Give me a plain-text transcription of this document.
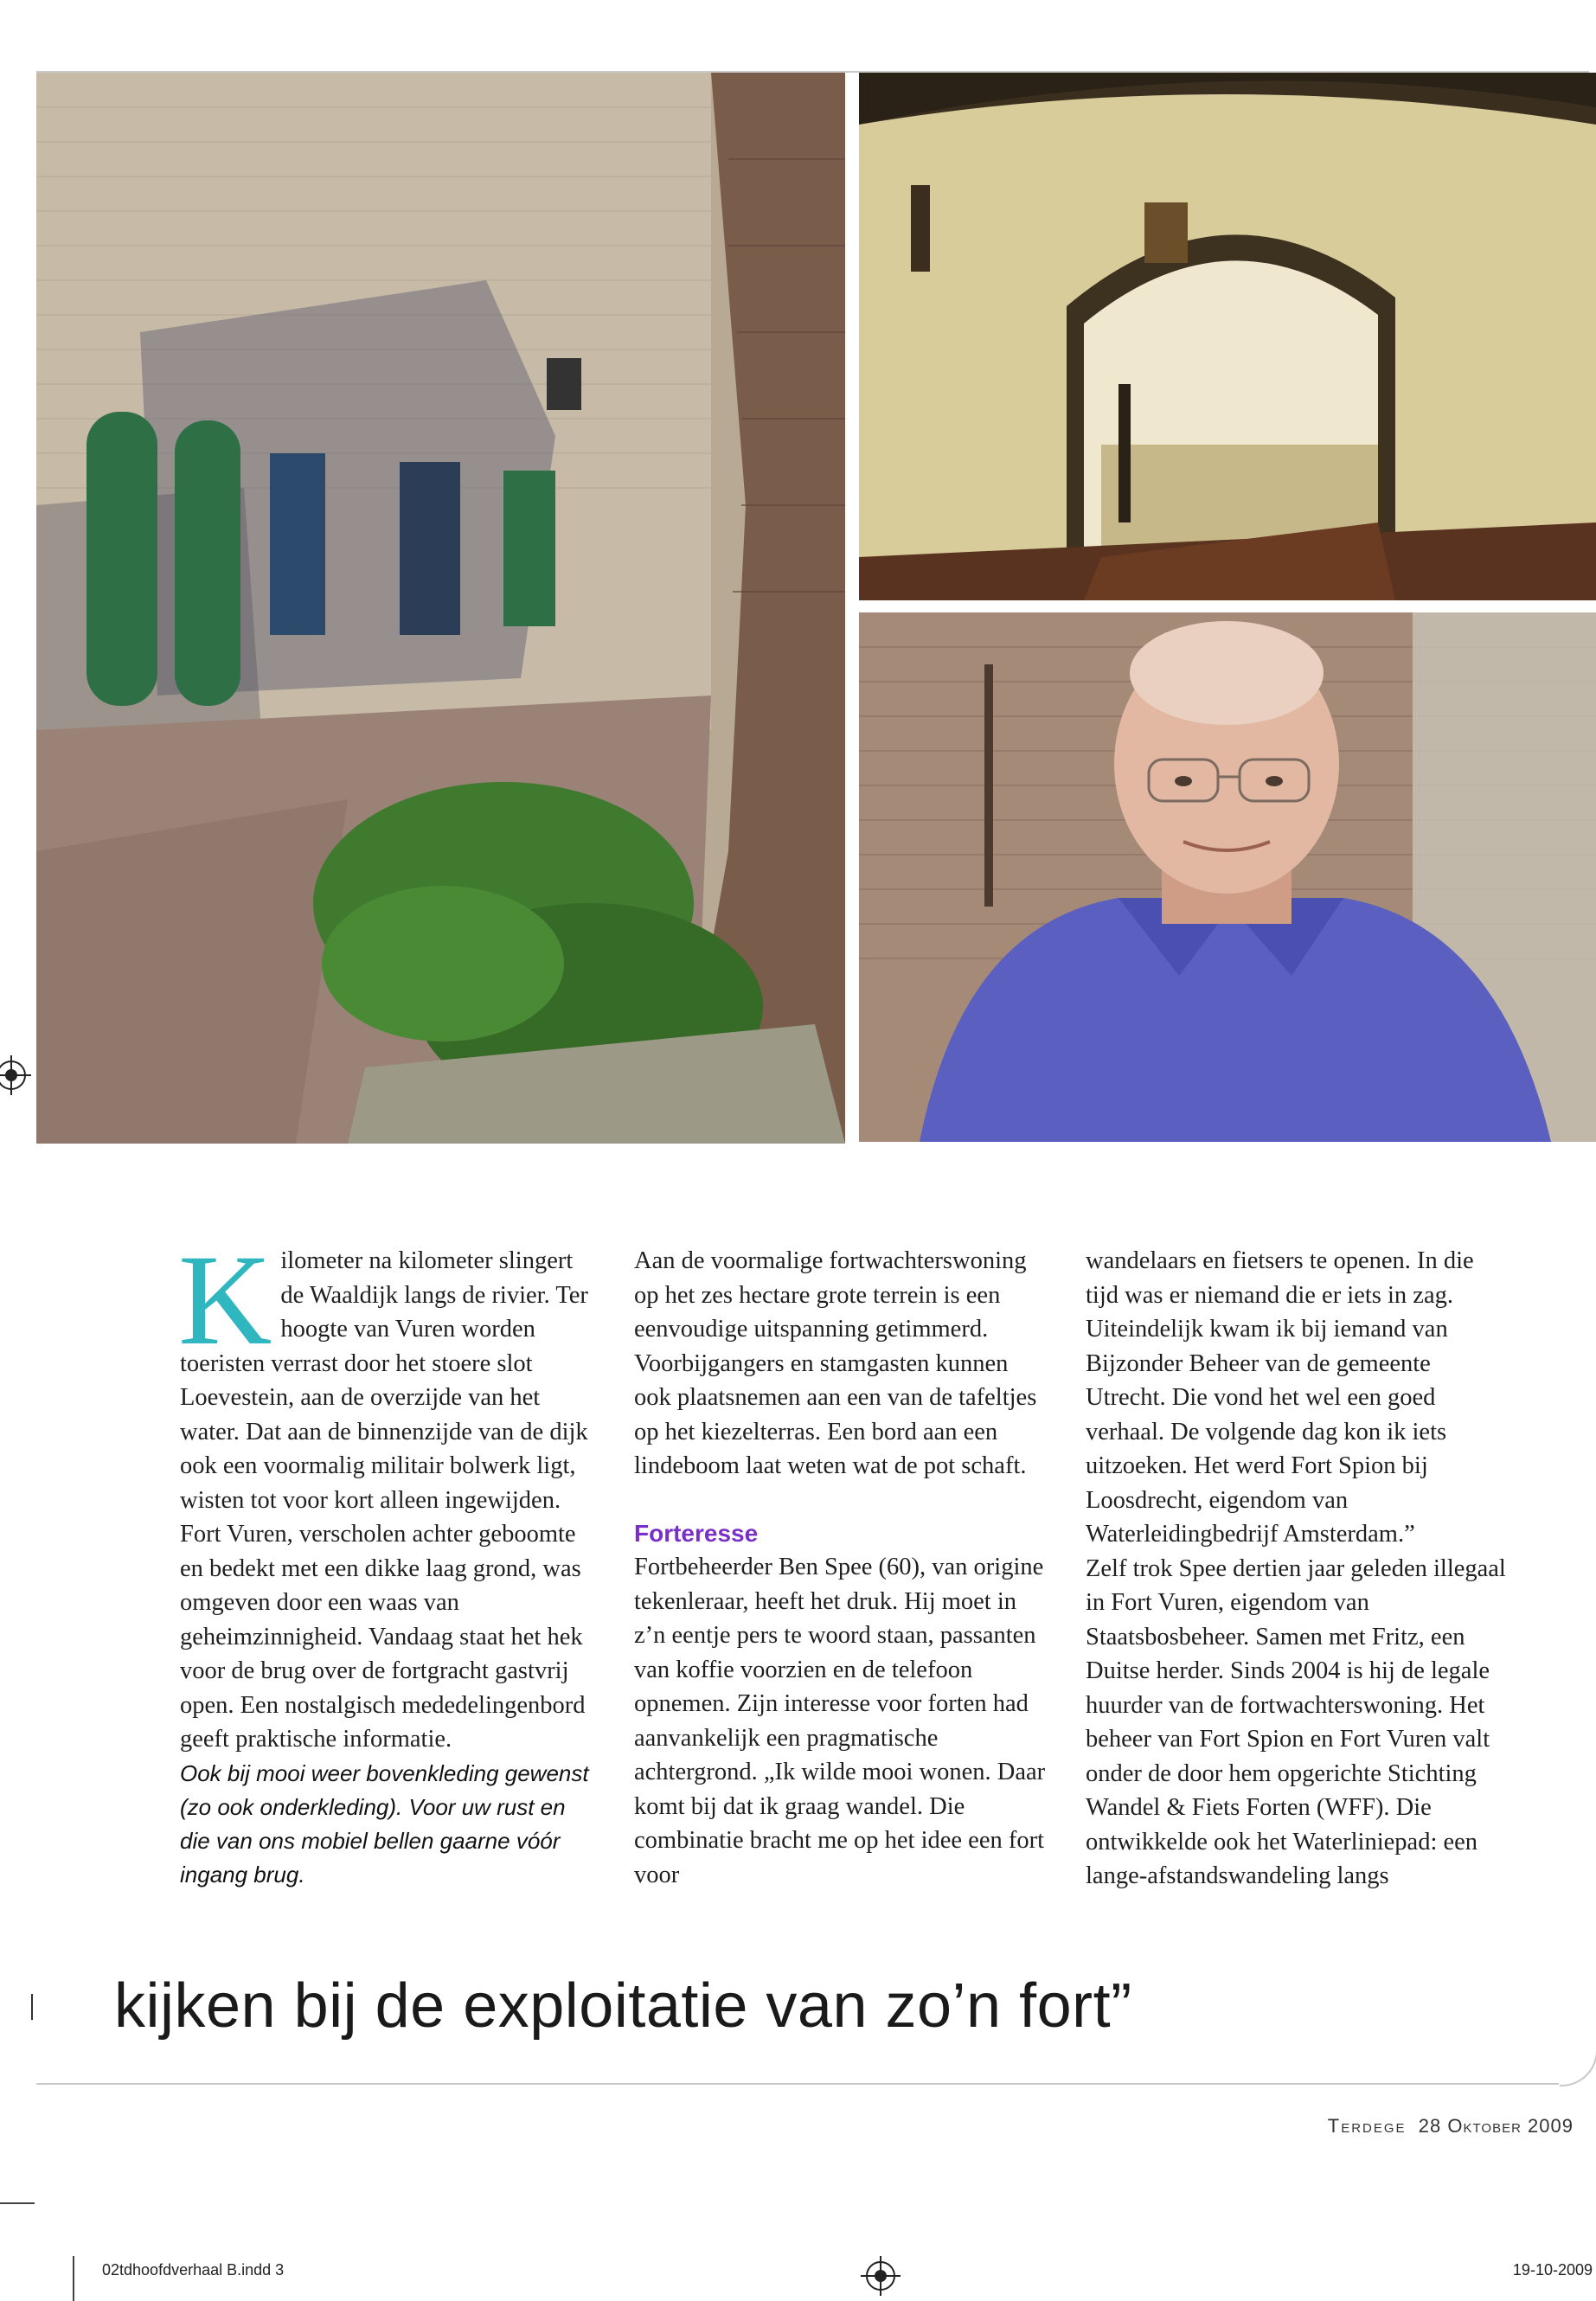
Kilometer na kilometer slingert de Waaldijk langs de rivier. Ter hoogte van Vuren worden toeristen verrast door het stoere slot Loevestein, aan de overzijde van het water. Dat aan de binnenzijde van de dijk ook een voormalig militair bolwerk ligt, wisten tot voor kort alleen ingewijden. Fort Vuren, verscholen achter geboomte en bedekt met een dikke laag grond, was omgeven door een waas van geheimzinnigheid. Vandaag staat het hek voor de brug over de fortgracht gastvrij open. Een nostalgisch mededelingenbord geeft praktische informatie.

Ook bij mooi weer bovenkleding gewenst (zo ook onderkleding). Voor uw rust en die van ons mobiel bellen gaarne vóór ingang brug.

Aan de voormalige fortwachterswoning op het zes hectare grote terrein is een eenvoudige uitspanning getimmerd. Voorbijgangers en stamgasten kunnen ook plaatsnemen aan een van de tafeltjes op het kiezelterras. Een bord aan een lindeboom laat weten wat de pot schaft.

Forteresse

Fortbeheerder Ben Spee (60), van origine tekenleraar, heeft het druk. Hij moet in z’n eentje pers te woord staan, passanten van koffie voorzien en de telefoon opnemen. Zijn interesse voor forten had aanvankelijk een pragmatische achtergrond. „Ik wilde mooi wonen. Daar komt bij dat ik graag wandel. Die combinatie bracht me op het idee een fort voor

wandelaars en fietsers te openen. In die tijd was er niemand die er iets in zag. Uiteindelijk kwam ik bij iemand van Bijzonder Beheer van de gemeente Utrecht. Die vond het wel een goed verhaal. De volgende dag kon ik iets uitzoeken. Het werd Fort Spion bij Loosdrecht, eigendom van Waterleidingbedrijf Amsterdam.”

Zelf trok Spee dertien jaar geleden illegaal in Fort Vuren, eigendom van Staatsbosbeheer. Samen met Fritz, een Duitse herder. Sinds 2004 is hij de legale huurder van de fortwachterswoning. Het beheer van Fort Spion en Fort Vuren valt onder de door hem opgerichte Stichting Wandel & Fiets Forten (WFF). Die ontwikkelde ook het Waterliniepad: een lange-afstandswandeling langs

kijken bij de exploitatie van zo’n fort”
Terdege 28 Oktober 2009
02tdhoofdverhaal B.indd 3	19-10-2009
